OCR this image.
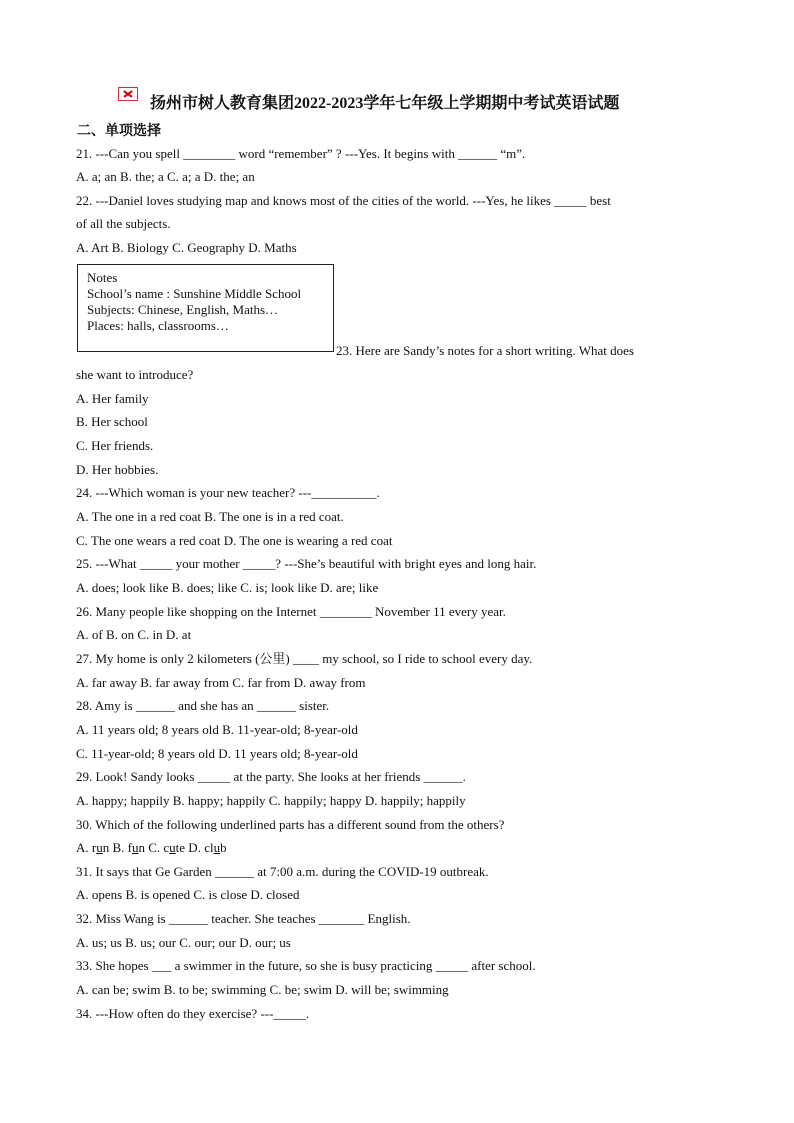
扬州市树人教育集团2022-2023学年七年级上学期期中考试英语试题
二、单项选择
21. ---Can you spell ________ word “remember” ? ---Yes. It begins with ______ “m”.
A. a; an B. the; a C. a; a D. the; an
22. ---Daniel loves studying map and knows most of the cities of the world. ---Yes, he likes _____ best
of all the subjects.
A. Art B. Biology C. Geography D. Maths
Notes
School’s name : Sunshine Middle School
Subjects: Chinese, English, Maths…
Places: halls, classrooms…
23. Here are Sandy’s notes for a short writing. What does
she want to introduce?
A. Her family
B. Her school
C. Her friends.
D. Her hobbies.
24. ---Which woman is your new teacher? ---__________.
A. The one in a red coat B. The one is in a red coat.
C. The one wears a red coat D. The one is wearing a red coat
25. ---What _____ your mother _____? ---She’s beautiful with bright eyes and long hair.
A. does; look like B. does; like C. is; look like D. are; like
26. Many people like shopping on the Internet ________ November 11 every year.
A. of B. on C. in D. at
27. My home is only 2 kilometers (公里) ____ my school, so I ride to school every day.
A. far away B. far away from C. far from D. away from
28. Amy is ______ and she has an ______ sister.
A. 11 years old; 8 years old B. 11-year-old; 8-year-old
C. 11-year-old; 8 years old D. 11 years old; 8-year-old
29. Look! Sandy looks _____ at the party. She looks at her friends ______.
A. happy; happily B. happy; happily C. happily; happy D. happily; happily
30. Which of the following underlined parts has a different sound from the others?
A. run B. fun C. cute D. club
31. It says that Ge Garden ______ at 7:00 a.m. during the COVID-19 outbreak.
A. opens B. is opened C. is close D. closed
32. Miss Wang is ______ teacher. She teaches _______ English.
A. us; us B. us; our C. our; our D. our; us
33. She hopes ___ a swimmer in the future, so she is busy practicing _____ after school.
A. can be; swim B. to be; swimming C. be; swim D. will be; swimming
34. ---How often do they exercise? ---_____.
